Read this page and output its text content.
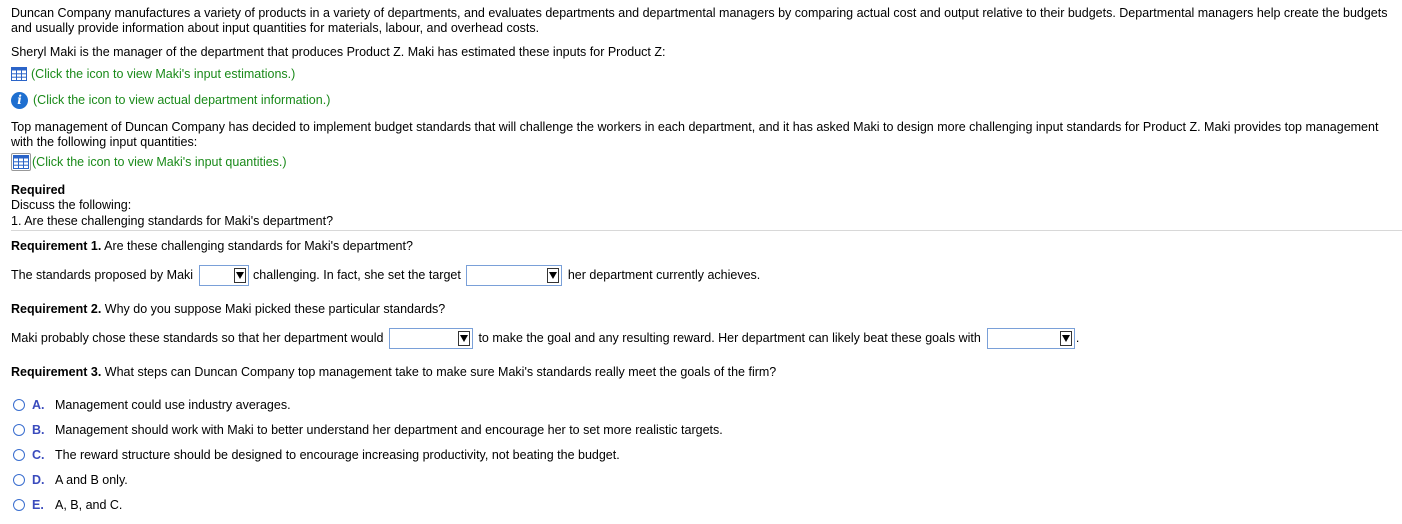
Duncan Company manufactures a variety of products in a variety of departments, and evaluates departments and departmental managers by comparing actual cost and output relative to their budgets. Departmental managers help create the budgets and usually provide information about input quantities for materials, labour, and overhead costs.
Sheryl Maki is the manager of the department that produces Product Z. Maki has estimated these inputs for Product Z:
(Click the icon to view Maki's input estimations.)
i (Click the icon to view actual department information.)
Top management of Duncan Company has decided to implement budget standards that will challenge the workers in each department, and it has asked Maki to design more challenging input standards for Product Z. Maki provides top management with the following input quantities:
(Click the icon to view Maki's input quantities.)
Required
Discuss the following:
1. Are these challenging standards for Maki's department?
Requirement 1. Are these challenging standards for Maki's department?
The standards proposed by Maki	challenging. In fact, she set the target	her department currently achieves.
Requirement 2. Why do you suppose Maki picked these particular standards?
Maki probably chose these standards so that her department would	to make the goal and any resulting reward. Her department can likely beat these goals with	.
Requirement 3. What steps can Duncan Company top management take to make sure Maki's standards really meet the goals of the firm?
A. Management could use industry averages.
B. Management should work with Maki to better understand her department and encourage her to set more realistic targets.
C. The reward structure should be designed to encourage increasing productivity, not beating the budget.
D. A and B only.
E. A, B, and C.
